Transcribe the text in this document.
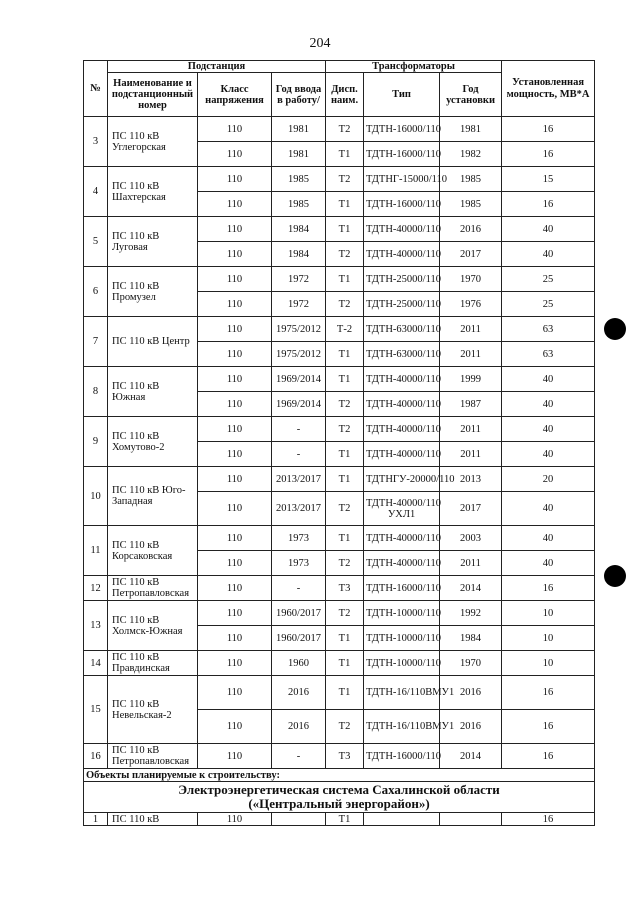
204
№	Подстанция			Трансформаторы			Установленная мощность, МВ*А
	Наименование и подстанционный номер	Класс напряжения	Год ввода в работу/	Дисп. наим.	Тип	Год установки	
3	ПС 110 кВ Углегорская	110	1981	Т2	ТДТН-16000/110	1981	16
		110	1981	Т1	ТДТН-16000/110	1982	16
4	ПС 110 кВ Шахтерская	110	1985	Т2	ТДТНГ-15000/110	1985	15
		110	1985	Т1	ТДТН-16000/110	1985	16
5	ПС 110 кВ Луговая	110	1984	Т1	ТДТН-40000/110	2016	40
		110	1984	Т2	ТДТН-40000/110	2017	40
6	ПС 110 кВ Промузел	110	1972	Т1	ТДТН-25000/110	1970	25
		110	1972	Т2	ТДТН-25000/110	1976	25
7	ПС 110 кВ Центр	110	1975/2012	Т-2	ТДТН-63000/110	2011	63
		110	1975/2012	Т1	ТДТН-63000/110	2011	63
8	ПС 110 кВ Южная	110	1969/2014	Т1	ТДТН-40000/110	1999	40
		110	1969/2014	Т2	ТДТН-40000/110	1987	40
9	ПС 110 кВ Хомутово-2	110	-	Т2	ТДТН-40000/110	2011	40
		110	-	Т1	ТДТН-40000/110	2011	40
10	ПС 110 кВ Юго-Западная	110	2013/2017	Т1	ТДТНГУ-20000/110	2013	20
		110	2013/2017	Т2	ТДТН-40000/110 УХЛ1	2017	40
11	ПС 110 кВ Корсаковская	110	1973	Т1	ТДТН-40000/110	2003	40
		110	1973	Т2	ТДТН-40000/110	2011	40
12	ПС 110 кВ Петропавловская	110	-	Т3	ТДТН-16000/110	2014	16
13	ПС 110 кВ Холмск-Южная	110	1960/2017	Т2	ТДТН-10000/110	1992	10
		110	1960/2017	Т1	ТДТН-10000/110	1984	10
14	ПС 110 кВ Правдинская	110	1960	Т1	ТДТН-10000/110	1970	10
15	ПС 110 кВ Невельская-2	110	2016	Т1	ТДТН-16/110ВМУ1	2016	16
		110	2016	Т2	ТДТН-16/110ВМУ1	2016	16
16	ПС 110 кВ Петропавловская	110	-	Т3	ТДТН-16000/110	2014	16
Объекты планируемые к строительству:							

Электроэнергетическая система Сахалинской области
(«Центральный энергорайон»)							

1	ПС 110 кВ	110		Т1			16
